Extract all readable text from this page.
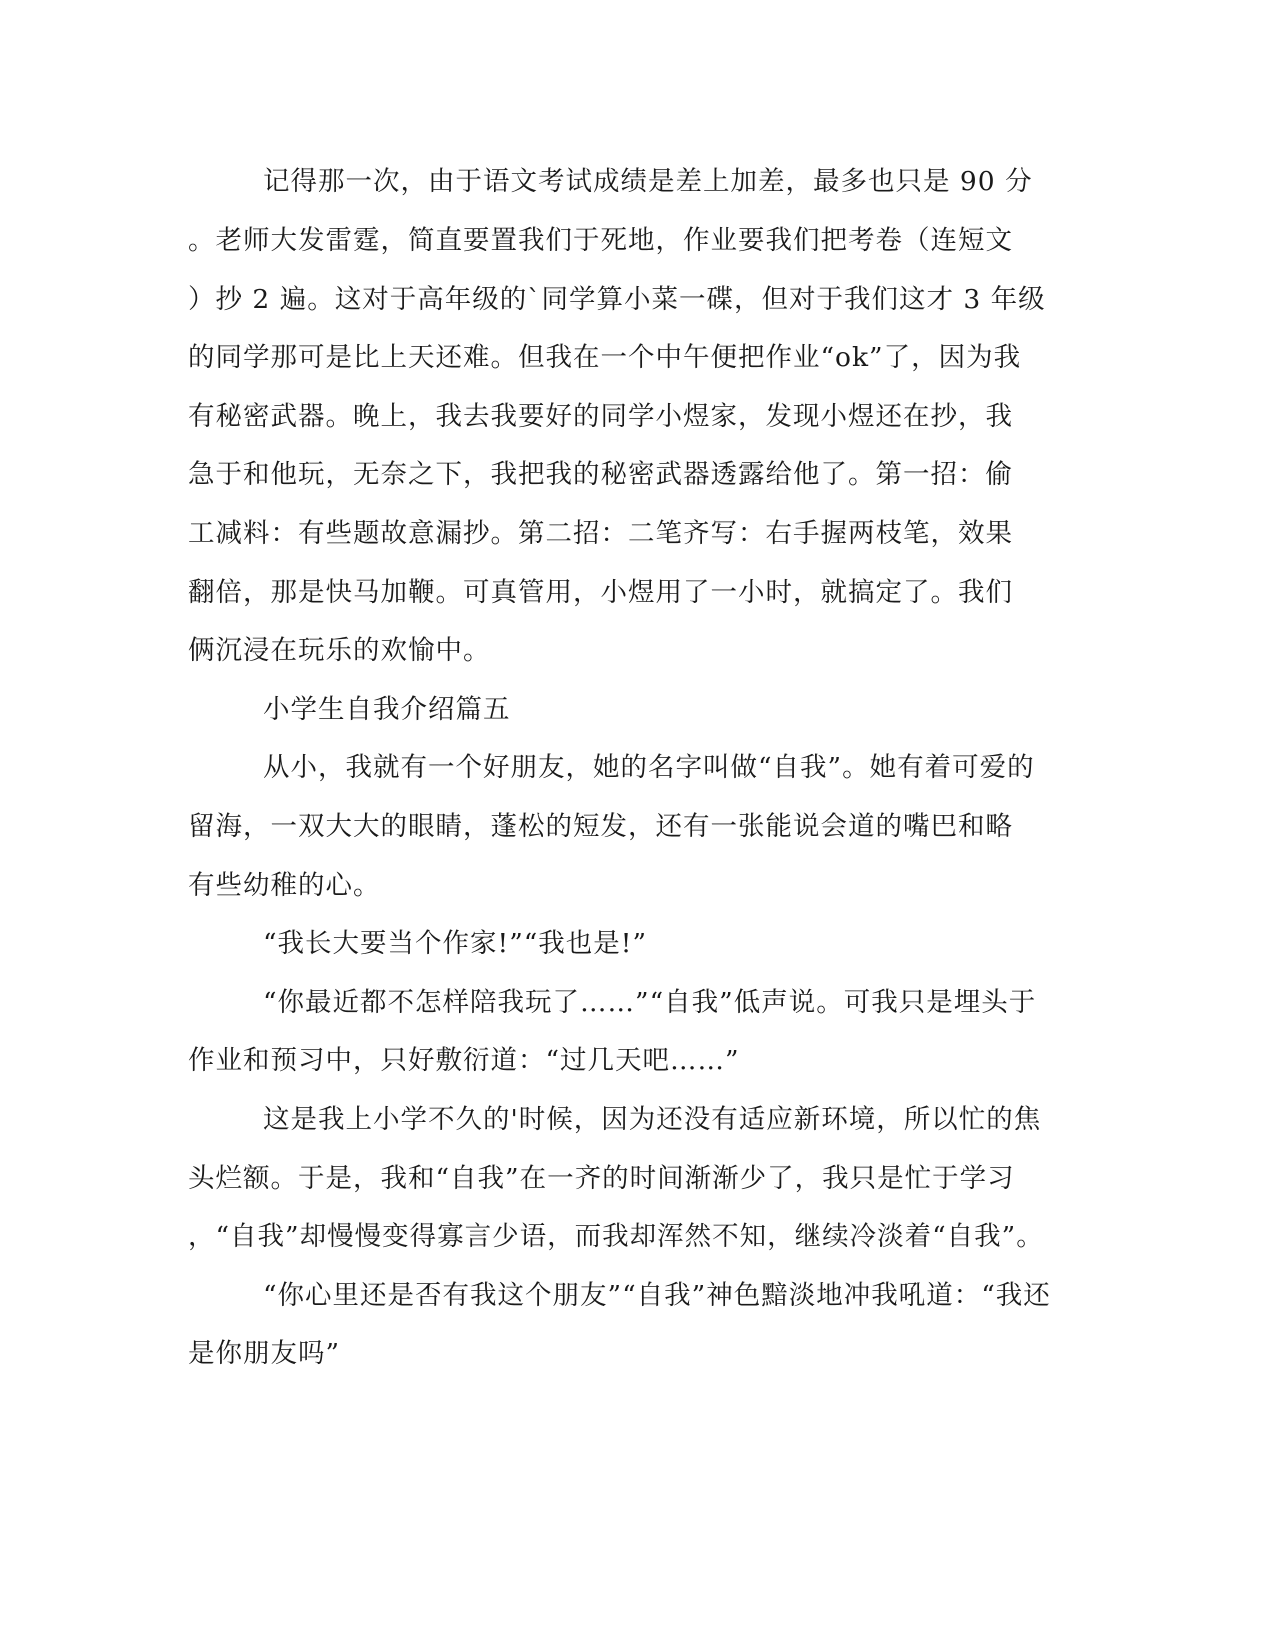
记得那一次，由于语文考试成绩是差上加差，最多也只是 90 分
。老师大发雷霆，简直要置我们于死地，作业要我们把考卷（连短文
）抄 2 遍。这对于高年级的`同学算小菜一碟，但对于我们这才 3 年级
的同学那可是比上天还难。但我在一个中午便把作业“ok”了，因为我
有秘密武器。晚上，我去我要好的同学小煜家，发现小煜还在抄，我
急于和他玩，无奈之下，我把我的秘密武器透露给他了。第一招：偷
工减料：有些题故意漏抄。第二招：二笔齐写：右手握两枝笔，效果
翻倍，那是快马加鞭。可真管用，小煜用了一小时，就搞定了。我们
俩沉浸在玩乐的欢愉中。
小学生自我介绍篇五
从小，我就有一个好朋友，她的名字叫做“自我”。她有着可爱的
留海，一双大大的眼睛，蓬松的短发，还有一张能说会道的嘴巴和略
有些幼稚的心。
“我长大要当个作家!”“我也是!”
“你最近都不怎样陪我玩了……”“自我”低声说。可我只是埋头于
作业和预习中，只好敷衍道：“过几天吧……”
这是我上小学不久的'时候，因为还没有适应新环境，所以忙的焦
头烂额。于是，我和“自我”在一齐的时间渐渐少了，我只是忙于学习
，“自我”却慢慢变得寡言少语，而我却浑然不知，继续冷淡着“自我”。
“你心里还是否有我这个朋友”“自我”神色黯淡地冲我吼道：“我还
是你朋友吗”
